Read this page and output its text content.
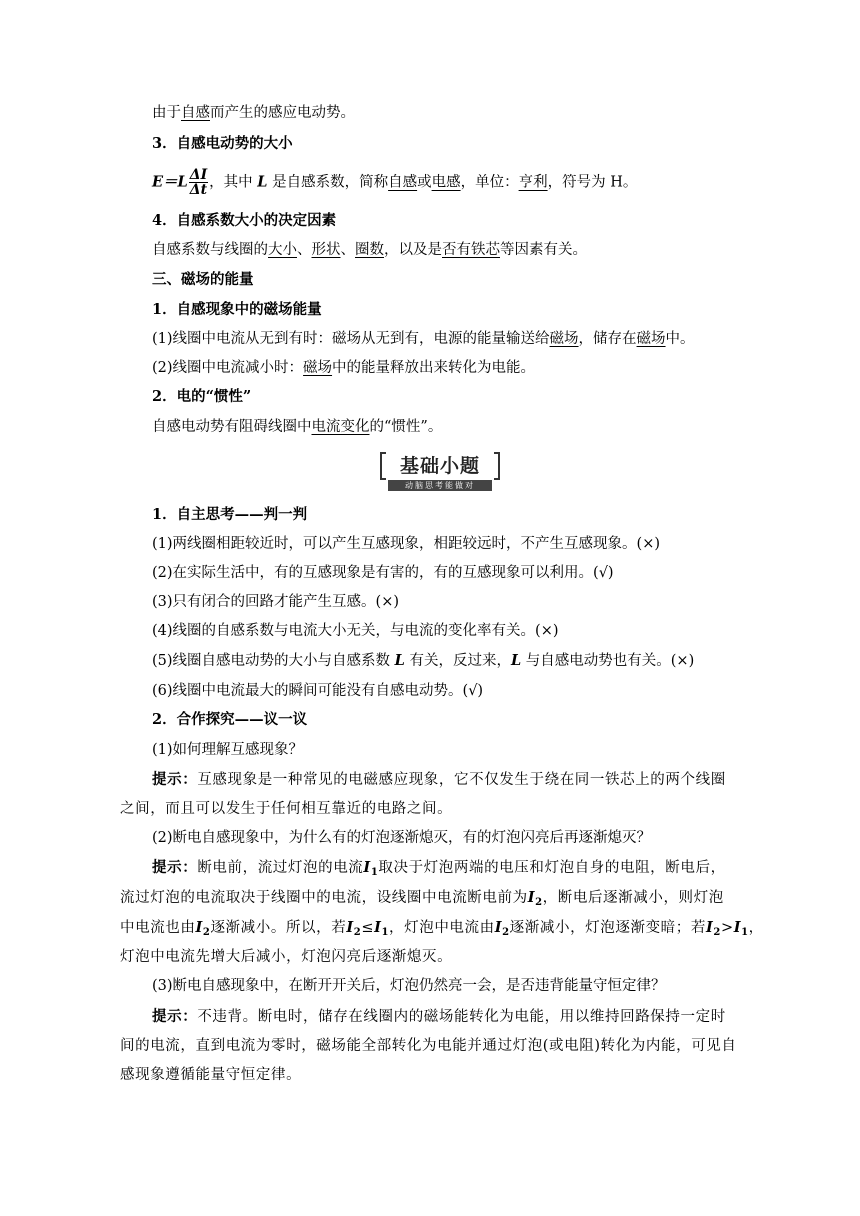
由于自感而产生的感应电动势。
3．自感电动势的大小
$E=L \frac{\Delta I}{\Delta t}$ ，其中 L 是自感系数，简称自感或电感，单位：亨利，符号为 H。
4．自感系数大小的决定因素
自感系数与线圈的大小、形状、圈数，以及是否有铁芯等因素有关。
三、磁场的能量
1．自感现象中的磁场能量
(1)线圈中电流从无到有时：磁场从无到有，电源的能量输送给磁场，储存在磁场中。
(2)线圈中电流减小时：磁场中的能量释放出来转化为电能。
2．电的“惯性”
自感电动势有阻碍线圈中电流变化的“惯性”。
基础小题
动脑思考能做对
1．自主思考——判一判
(1)两线圈相距较近时，可以产生互感现象，相距较远时，不产生互感现象。(×)
(2)在实际生活中，有的互感现象是有害的，有的互感现象可以利用。(√)
(3)只有闭合的回路才能产生互感。(×)
(4)线圈的自感系数与电流大小无关，与电流的变化率有关。(×)
(5)线圈自感电动势的大小与自感系数 L 有关，反过来，L 与自感电动势也有关。(×)
(6)线圈中电流最大的瞬间可能没有自感电动势。(√)
2．合作探究——议一议
(1)如何理解互感现象？
提示：互感现象是一种常见的电磁感应现象，它不仅发生于绕在同一铁芯上的两个线圈
之间，而且可以发生于任何相互靠近的电路之间。
(2)断电自感现象中，为什么有的灯泡逐渐熄灭，有的灯泡闪亮后再逐渐熄灭？
提示：断电前，流过灯泡的电流$I_1$取决于灯泡两端的电压和灯泡自身的电阻，断电后，
流过灯泡的电流取决于线圈中的电流，设线圈中电流断电前为$I_2$，断电后逐渐减小，则灯泡
中电流也由$I_2$逐渐减小。所以，若$I_2\le I_1$，灯泡中电流由$I_2$逐渐减小，灯泡逐渐变暗；若$I_2>I_1$，
灯泡中电流先增大后减小，灯泡闪亮后逐渐熄灭。
(3)断电自感现象中，在断开开关后，灯泡仍然亮一会，是否违背能量守恒定律？
提示：不违背。断电时，储存在线圈内的磁场能转化为电能，用以维持回路保持一定时
间的电流，直到电流为零时，磁场能全部转化为电能并通过灯泡(或电阻)转化为内能，可见自
感现象遵循能量守恒定律。
